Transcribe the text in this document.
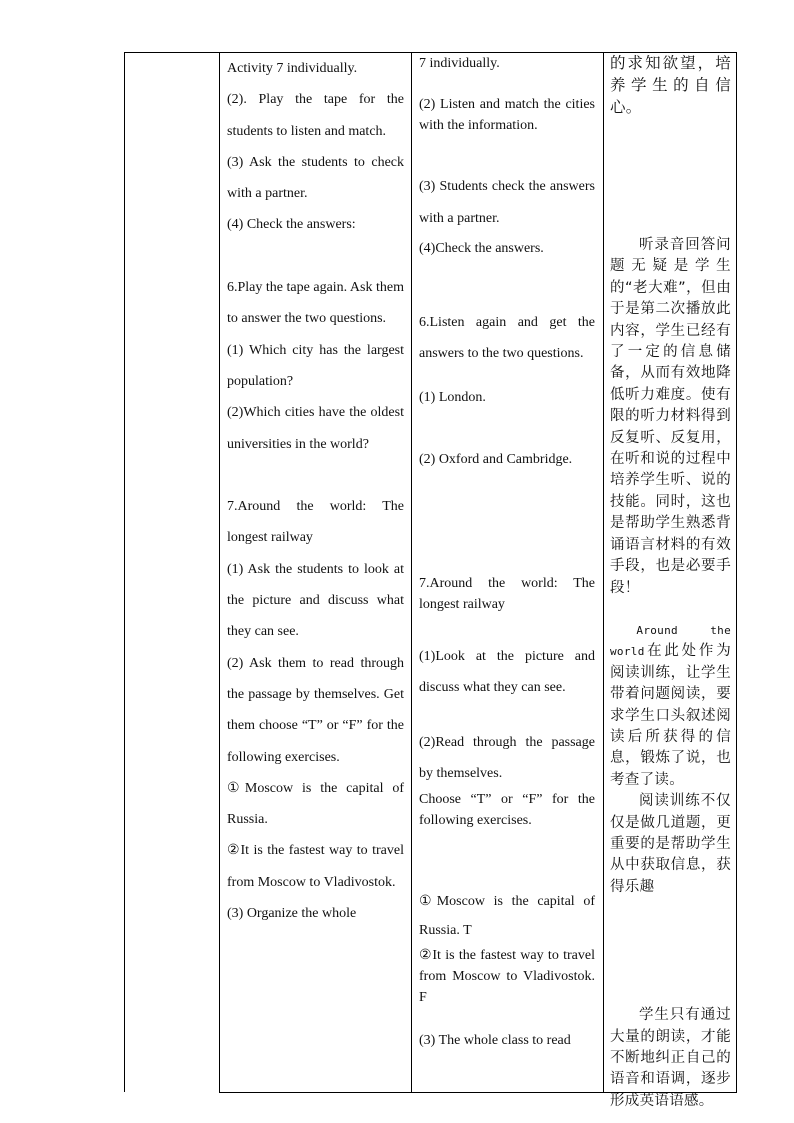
Activity 7 individually.

(2). Play the tape for the students to listen and match.

(3) Ask the students to check with a partner.

(4) Check the answers:

6.Play the tape again. Ask them to answer the two questions.

(1) Which city has the largest population?

(2)Which cities have the oldest universities in the world?

7.Around the world: The longest railway

(1) Ask the students to look at the picture and discuss what they can see.

(2) Ask them to read through the passage by themselves. Get them choose “T” or “F” for the following exercises.

①Moscow is the capital of Russia.

②It is the fastest way to travel from Moscow to Vladivostok.

(3) Organize the whole

7 individually.

(2) Listen and match the cities with the information.

(3) Students check the answers with a partner.

(4)Check the answers.

6.Listen again and get the answers to the two questions.

(1) London.

(2) Oxford and Cambridge.

7.Around the world: The longest railway

(1)Look at the picture and discuss what they can see.

(2)Read through the passage by themselves.

Choose “T” or “F” for the following exercises.

①Moscow is the capital of Russia. T

②It is the fastest way to travel from Moscow to Vladivostok. F

(3) The whole class to read

的求知欲望，培养学生的自信心。

听录音回答问题无疑是学生的“老大难”，但由于是第二次播放此内容，学生已经有了一定的信息储备，从而有效地降低听力难度。使有限的听力材料得到反复听、反复用，在听和说的过程中培养学生听、说的技能。同时，这也是帮助学生熟悉背诵语言材料的有效手段，也是必要手段！

Around the world在此处作为阅读训练，让学生带着问题阅读，要求学生口头叙述阅读后所获得的信息，锻炼了说，也考查了读。

阅读训练不仅仅是做几道题，更重要的是帮助学生从中获取信息，获得乐趣

学生只有通过大量的朗读，才能不断地纠正自己的语音和语调，逐步形成英语语感。
